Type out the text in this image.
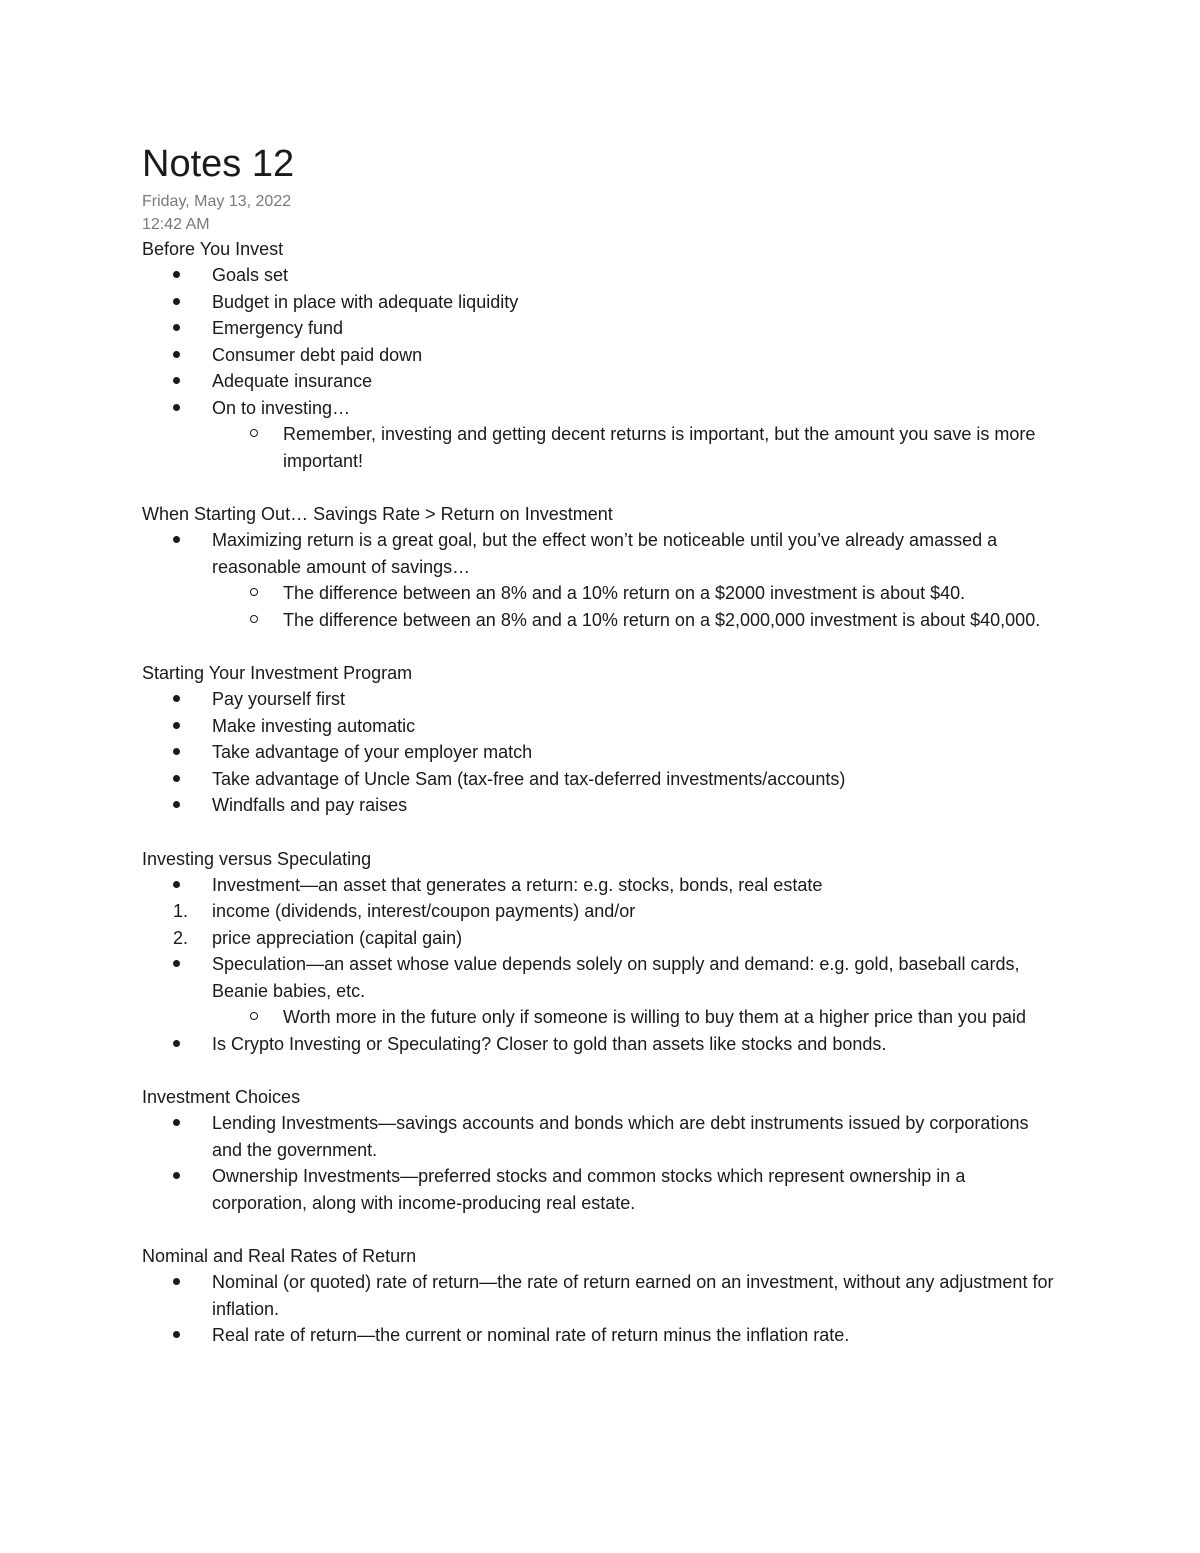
Notes 12
Friday, May 13, 2022
12:42 AM
Before You Invest
Goals set
Budget in place with adequate liquidity
Emergency fund
Consumer debt paid down
Adequate insurance
On to investing…
Remember, investing and getting decent returns is important, but the amount you save is more important!
When Starting Out… Savings Rate > Return on Investment
Maximizing return is a great goal, but the effect won’t be noticeable until you’ve already amassed a reasonable amount of savings…
The difference between an 8% and a 10% return on a $2000 investment is about $40.
The difference between an 8% and a 10% return on a $2,000,000 investment is about $40,000.
Starting Your Investment Program
Pay yourself first
Make investing automatic
Take advantage of your employer match
Take advantage of Uncle Sam (tax-free and tax-deferred investments/accounts)
Windfalls and pay raises
Investing versus Speculating
Investment—an asset that generates a return: e.g. stocks, bonds, real estate
1.	income (dividends, interest/coupon payments) and/or
2.	price appreciation (capital gain)
Speculation—an asset whose value depends solely on supply and demand: e.g. gold, baseball cards, Beanie babies, etc.
Worth more in the future only if someone is willing to buy them at a higher price than you paid
Is Crypto Investing or Speculating? Closer to gold than assets like stocks and bonds.
Investment Choices
Lending Investments—savings accounts and bonds which are debt instruments issued by corporations and the government.
Ownership Investments—preferred stocks and common stocks which represent ownership in a corporation, along with income-producing real estate.
Nominal and Real Rates of Return
Nominal (or quoted) rate of return—the rate of return earned on an investment, without any adjustment for inflation.
Real rate of return—the current or nominal rate of return minus the inflation rate.
